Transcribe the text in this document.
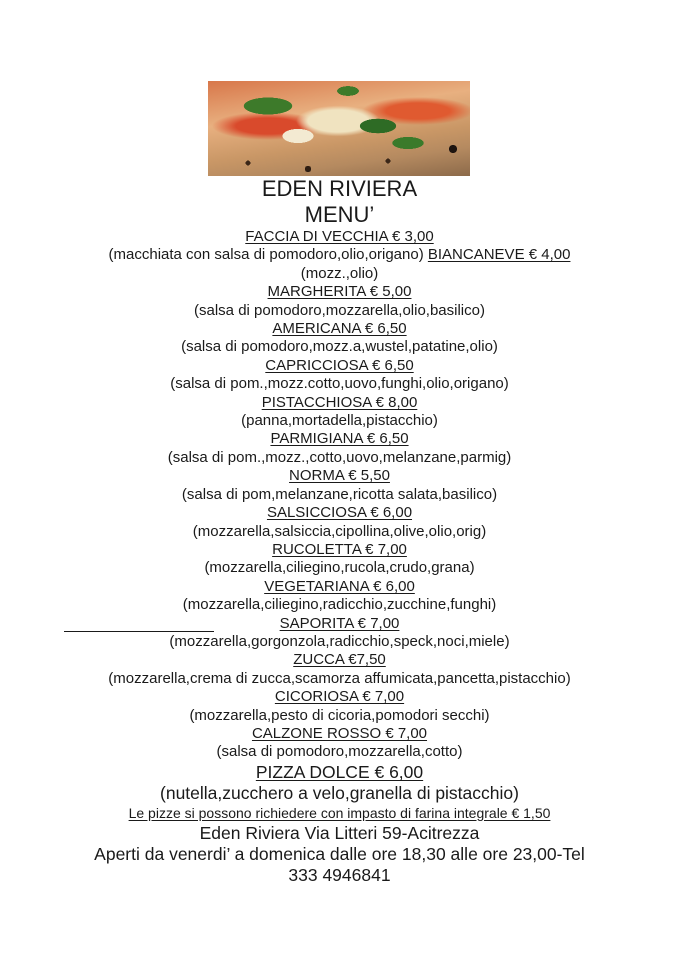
EDEN RIVIERA

MENU’

FACCIA DI VECCHIA € 3,00

(macchiata con salsa di pomodoro,olio,origano) BIANCANEVE € 4,00

(mozz.,olio)

MARGHERITA € 5,00

(salsa di pomodoro,mozzarella,olio,basilico)

AMERICANA € 6,50

(salsa di pomodoro,mozz.a,wustel,patatine,olio)

CAPRICCIOSA € 6,50

(salsa di pom.,mozz.cotto,uovo,funghi,olio,origano)

PISTACCHIOSA € 8,00

(panna,mortadella,pistacchio)

PARMIGIANA € 6,50

(salsa di pom.,mozz.,cotto,uovo,melanzane,parmig)

NORMA € 5,50

(salsa di pom,melanzane,ricotta salata,basilico)

SALSICCIOSA € 6,00

(mozzarella,salsiccia,cipollina,olive,olio,orig)

RUCOLETTA € 7,00

(mozzarella,ciliegino,rucola,crudo,grana)

VEGETARIANA € 6,00

(mozzarella,ciliegino,radicchio,zucchine,funghi)

SAPORITA € 7,00

(mozzarella,gorgonzola,radicchio,speck,noci,miele)

ZUCCA €7,50

(mozzarella,crema di zucca,scamorza affumicata,pancetta,pistacchio)

CICORIOSA € 7,00

(mozzarella,pesto di cicoria,pomodori secchi)

CALZONE ROSSO € 7,00

(salsa di pomodoro,mozzarella,cotto)

PIZZA DOLCE € 6,00

(nutella,zucchero a velo,granella di pistacchio)

Le pizze si possono richiedere con impasto di farina integrale € 1,50

Eden Riviera Via Litteri 59-Acitrezza

Aperti da venerdi’ a domenica dalle ore 18,30 alle ore 23,00-Tel

333 4946841
